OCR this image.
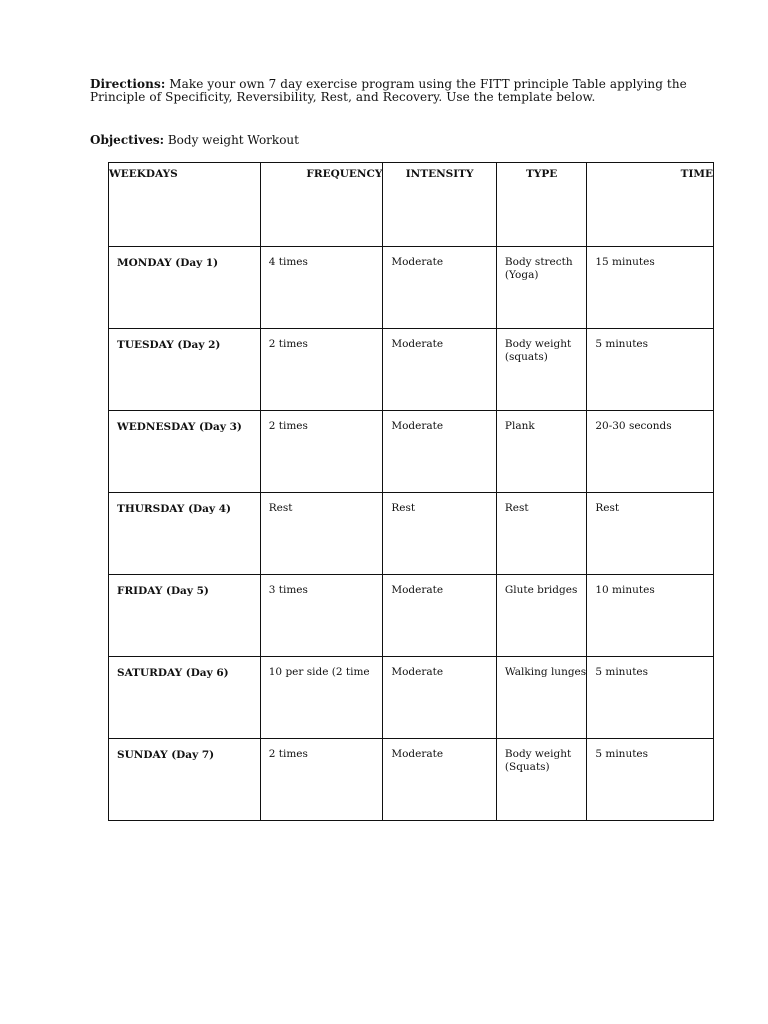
Directions: Make your own 7 day exercise program using the FITT principle Table applying the Principle of Specificity, Reversibility, Rest, and Recovery. Use the template below.
Objectives: Body weight Workout
WEEKDAYS	FREQUENCY	INTENSITY	TYPE	TIME

MONDAY (Day 1)	4 times	Moderate	Body strecth (Yoga)	15 minutes

TUESDAY (Day 2)	2 times	Moderate	Body weight (squats)	5 minutes

WEDNESDAY (Day 3)	2 times	Moderate	Plank	20-30 seconds

THURSDAY (Day 4)	Rest	Rest	Rest	Rest

FRIDAY (Day 5)	3 times	Moderate	Glute bridges	10 minutes

SATURDAY (Day 6)	10 per side (2 time	Moderate	Walking lunges	5 minutes

SUNDAY (Day 7)	2 times	Moderate	Body weight (Squats)	5 minutes
